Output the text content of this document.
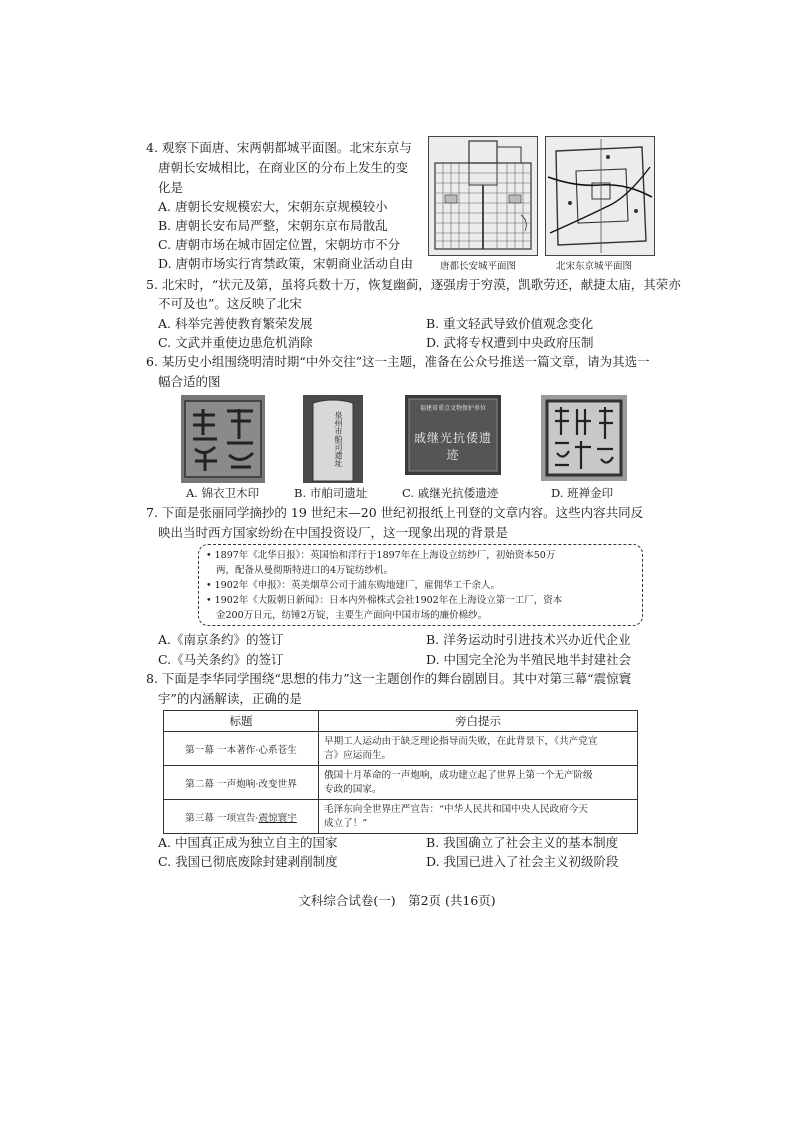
4. 观察下面唐、宋两朝都城平面图。北宋东京与
唐朝长安城相比，在商业区的分布上发生的变
化是
A. 唐朝长安规模宏大，宋朝东京规模较小
B. 唐朝长安布局严整，宋朝东京布局散乱
C. 唐朝市场在城市固定位置，宋朝坊市不分
D. 唐朝市场实行宵禁政策，宋朝商业活动自由	唐都长安城平面图	北宋东京城平面图
5. 北宋时，“状元及第，虽将兵数十万，恢复幽蓟，逐强虏于穷漠，凯歌劳还，献捷太庙，其荣亦
不可及也”。这反映了北宋
A. 科举完善使教育繁荣发展	B. 重文轻武导致价值观念变化
C. 文武并重使边患危机消除	D. 武将专权遭到中央政府压制
6. 某历史小组围绕明清时期“中外交往”这一主题，准备在公众号推送一篇文章，请为其选一
幅合适的图
A. 锦衣卫木印
泉州市舶司遗址
B. 市舶司遗址
福建省重点文物保护单位
戚继光抗倭遗迹
C. 戚继光抗倭遗迹	D. 班禅金印
7. 下面是张丽同学摘抄的 19 世纪末—20 世纪初报纸上刊登的文章内容。这些内容共同反
映出当时西方国家纷纷在中国投资设厂，这一现象出现的背景是
• 1897年《北华日报》：英国怡和洋行于1897年在上海设立纺纱厂，初始资本50万
两，配备从曼彻斯特进口的4万锭纺纱机。
• 1902年《申报》：英美烟草公司于浦东购地建厂，雇佣华工千余人。
• 1902年《大阪朝日新闻》：日本内外棉株式会社1902年在上海设立第一工厂，资本
金200万日元，纺锤2万锭，主要生产面向中国市场的廉价棉纱。
A.《南京条约》的签订	B. 洋务运动时引进技术兴办近代企业
C.《马关条约》的签订	D. 中国完全沦为半殖民地半封建社会
8. 下面是李华同学围绕“思想的伟力”这一主题创作的舞台剧剧目。其中对第三幕“震惊寰
宇”的内涵解读，正确的是
标题	旁白提示
第一幕 一本著作·心系苍生	早期工人运动由于缺乏理论指导而失败，在此背景下，《共产党宣
言》应运而生。

第二幕 一声炮响·改变世界	俄国十月革命的一声炮响，成功建立起了世界上第一个无产阶级
专政的国家。

第三幕 一项宣告·震惊寰宇	毛泽东向全世界庄严宣告：“中华人民共和国中央人民政府今天
成立了！”
A. 中国真正成为独立自主的国家	B. 我国确立了社会主义的基本制度
C. 我国已彻底废除封建剥削制度	D. 我国已进入了社会主义初级阶段
文科综合试卷(一)　第2页 (共16页)
